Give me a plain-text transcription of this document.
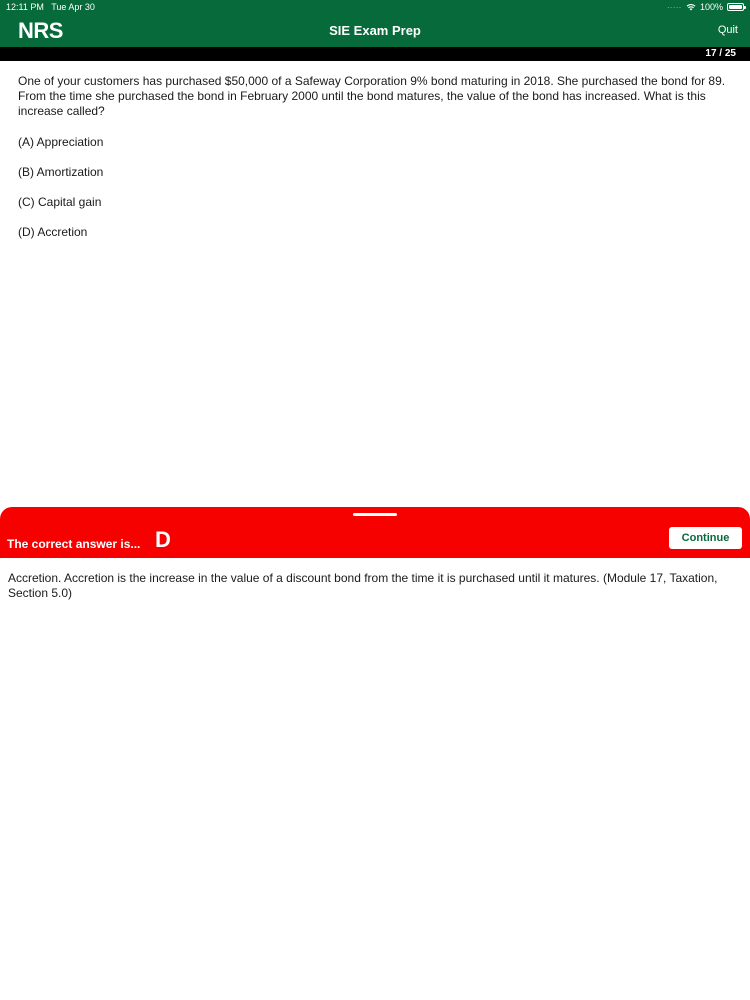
12:11 PM Tue Apr 30	..... 100%
NRS	SIE Exam Prep	Quit
17 / 25
One of your customers has purchased $50,000 of a Safeway Corporation 9% bond maturing in 2018. She purchased the bond for 89. From the time she purchased the bond in February 2000 until the bond matures, the value of the bond has increased. What is this increase called?
(A) Appreciation
(B) Amortization
(C) Capital gain
(D) Accretion
The correct answer is... D	Continue
Accretion. Accretion is the increase in the value of a discount bond from the time it is purchased until it matures. (Module 17, Taxation, Section 5.0)
